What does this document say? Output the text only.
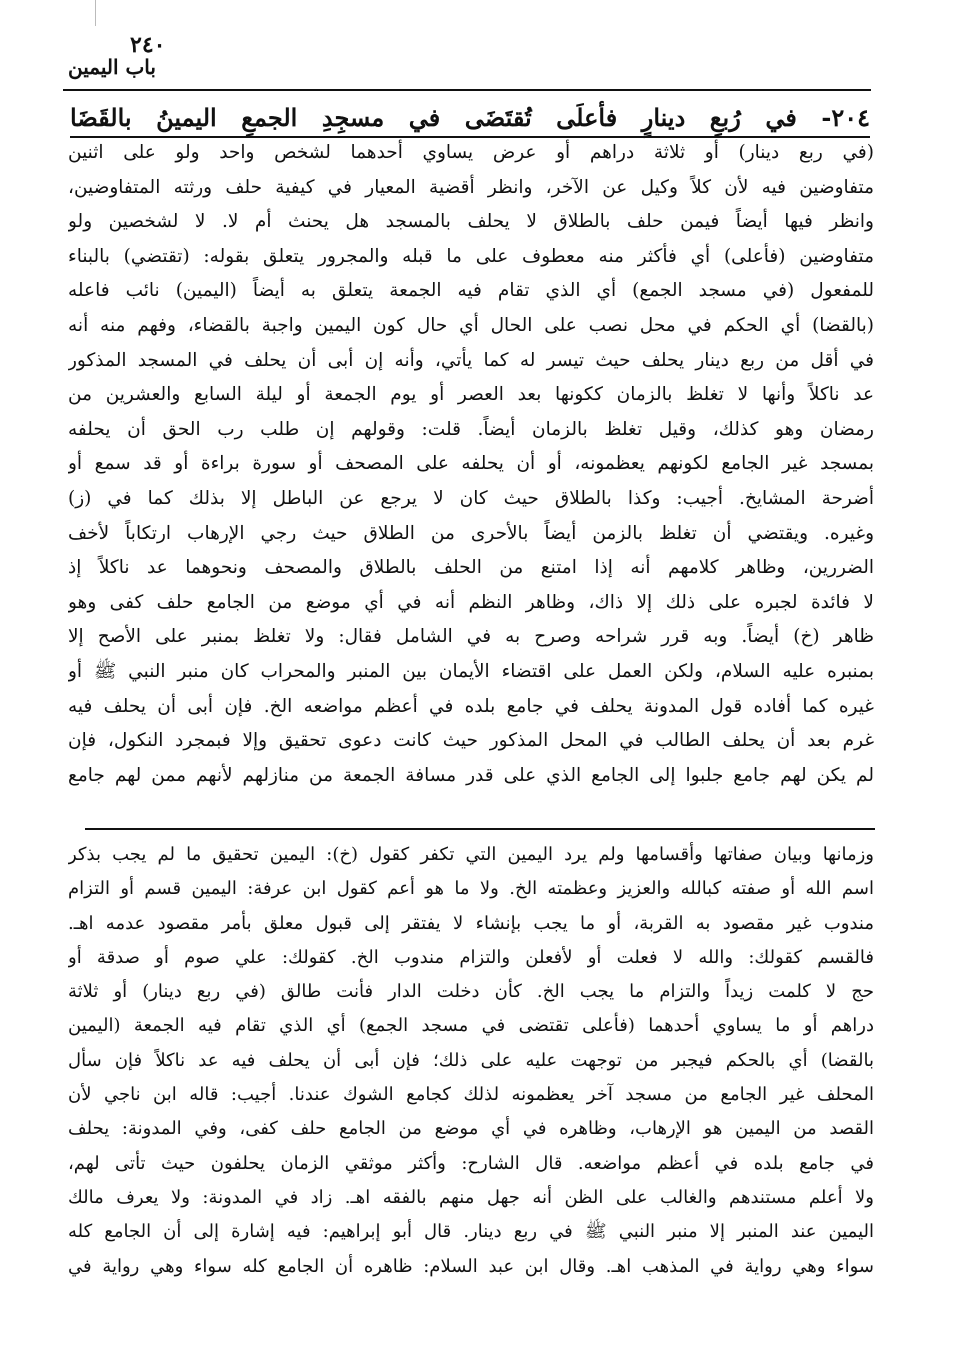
٢٤٠
باب اليمين
٢٠٤- في رُبعِ دينارٍ فأعلَى تُقتَضَى في مسجِدِ الجمعِ اليمينُ بالقَضَا
(في ربع دينار) أو ثلاثة دراهم أو عرض يساوي أحدهما لشخص واحد ولو على اثنين
متفاوضين فيه لأن كلاً وكيل عن الآخر، وانظر أقضية المعيار في كيفية حلف ورثته المتفاوضين،
وانظر فيها أيضاً فيمن حلف بالطلاق لا يحلف بالمسجد هل يحنث أم لا. لا لشخصين ولو
متفاوضين (فأعلى) أي فأكثر منه معطوف على ما قبله والمجرور يتعلق بقوله: (تقتضي) بالبناء
للمفعول (في مسجد الجمع) أي الذي تقام فيه الجمعة يتعلق به أيضاً (اليمين) نائب فاعله
(بالقضا) أي الحكم في محل نصب على الحال أي حال كون اليمين واجبة بالقضاء، وفهم منه أنه
في أقل من ربع دينار يحلف حيث تيسر له كما يأتي، وأنه إن أبى أن يحلف في المسجد المذكور
عد ناكلاً وأنها لا تغلظ بالزمان ككونها بعد العصر أو يوم الجمعة أو ليلة السابع والعشرين من
رمضان وهو كذلك، وقيل تغلظ بالزمان أيضاً. قلت: وقولهم إن طلب رب الحق أن يحلفه
بمسجد غير الجامع لكونهم يعظمونه، أو أن يحلفه على المصحف أو سورة براءة أو قد سمع أو
أضرحة المشايخ. أجيب: وكذا بالطلاق حيث كان لا يرجع عن الباطل إلا بذلك كما في (ز)
وغيره. ويقتضي أن تغلظ بالزمن أيضاً بالأحرى من الطلاق حيث رجي الإرهاب ارتكاباً لأخف
الضررين، وظاهر كلامهم أنه إذا امتنع من الحلف بالطلاق والمصحف ونحوهما عد ناكلاً إذ
لا فائدة لجبره على ذلك إلا ذاك، وظاهر النظم أنه في أي موضع من الجامع حلف كفى وهو
ظاهر (خ) أيضاً. وبه قرر شراحه وصرح به في الشامل فقال: ولا تغلظ بمنبر على الأصح إلا
بمنبره عليه السلام، ولكن العمل على اقتضاء الأيمان بين المنبر والمحراب كان منبر النبي ﷺ أو
غيره كما أفاده قول المدونة يحلف في جامع بلده في أعظم مواضعه الخ. فإن أبى أن يحلف فيه
غرم بعد أن يحلف الطالب في المحل المذكور حيث كانت دعوى تحقيق وإلا فبمجرد النكول، فإن
لم يكن لهم جامع جلبوا إلى الجامع الذي على قدر مسافة الجمعة من منازلهم لأنهم ممن لهم جامع
وزمانها وبيان صفاتها وأقسامها ولم يرد اليمين التي تكفر كقول (خ): اليمين تحقيق ما لم يجب بذكر
اسم الله أو صفته كبالله والعزيز وعظمته الخ. ولا ما هو أعم كقول ابن عرفة: اليمين قسم أو التزام
مندوب غير مقصود به القربة، أو ما يجب بإنشاء لا يفتقر إلى قبول معلق بأمر مقصود عدمه اهـ.
فالقسم كقولك: والله لا فعلت أو لأفعلن والتزام مندوب الخ. كقولك: علي صوم أو صدقة أو
حج لا كلمت زيداً والتزام ما يجب الخ. كأن دخلت الدار فأنت طالق (في ربع دينار) أو ثلاثة
دراهم أو ما يساوي أحدهما (فأعلى تقتضى في مسجد الجمع) أي الذي تقام فيه الجمعة (اليمين
بالقضا) أي بالحكم فيجبر من توجهت عليه على ذلك؛ فإن أبى أن يحلف فيه عد ناكلاً فإن سأل
المحلف غير الجامع من مسجد آخر يعظمونه لذلك كجامع الشوك عندنا. أجيب: قاله ابن ناجي لأن
القصد من اليمين هو الإرهاب، وظاهره في أي موضع من الجامع حلف كفى، وفي المدونة: يحلف
في جامع بلده في أعظم مواضعه. قال الشارح: وأكثر موثقي الزمان يحلفون حيث تأتى لهم،
ولا أعلم مستندهم والغالب على الظن أنه جهل منهم بالفقه اهـ. زاد في المدونة: ولا يعرف مالك
اليمين عند المنبر إلا منبر النبي ﷺ في ربع دينار. قال أبو إبراهيم: فيه إشارة إلى أن الجامع كله
سواء وهي رواية في المذهب اهـ. وقال ابن عبد السلام: ظاهره أن الجامع كله سواء وهي رواية في
